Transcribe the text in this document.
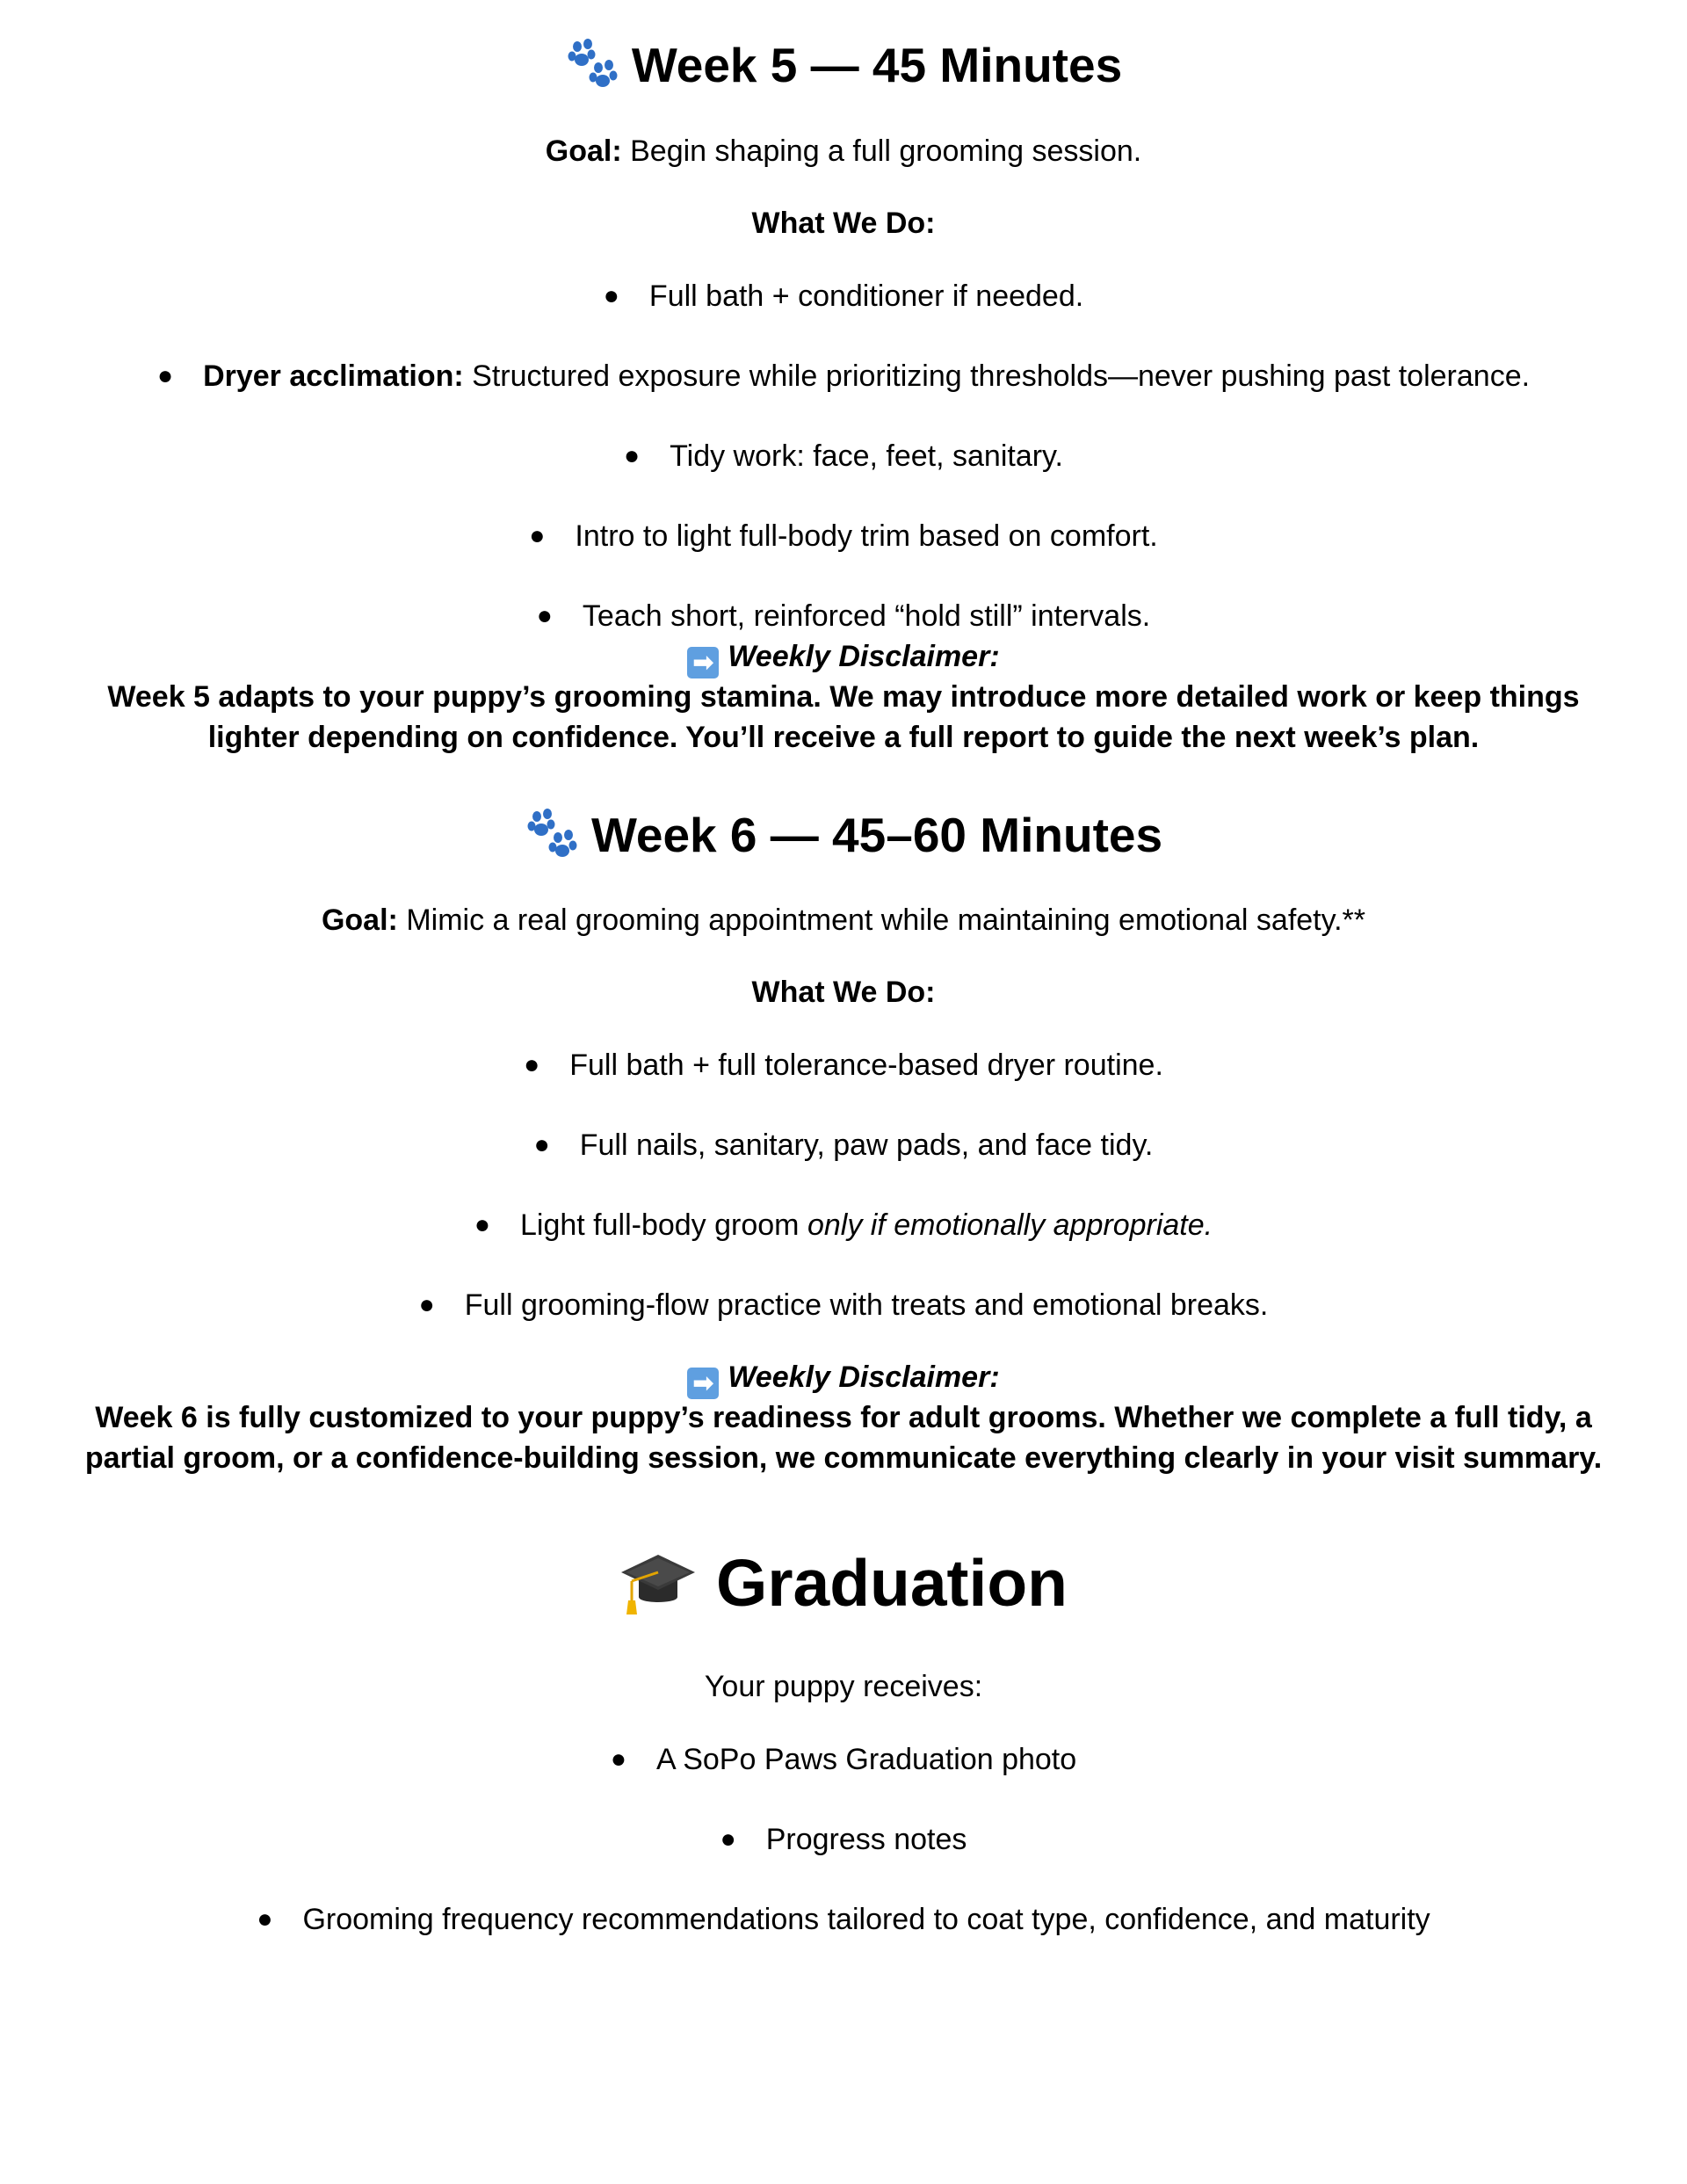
Week 5 — 45 Minutes
Goal: Begin shaping a full grooming session.
What We Do:
● Full bath + conditioner if needed.
● Dryer acclimation: Structured exposure while prioritizing thresholds—never pushing past tolerance.
● Tidy work: face, feet, sanitary.
● Intro to light full-body trim based on comfort.
● Teach short, reinforced “hold still” intervals.
➡ Weekly Disclaimer:
Week 5 adapts to your puppy’s grooming stamina. We may introduce more detailed work or keep things
lighter depending on confidence. You’ll receive a full report to guide the next week’s plan.
Week 6 — 45–60 Minutes
Goal: Mimic a real grooming appointment while maintaining emotional safety.**
What We Do:
● Full bath + full tolerance-based dryer routine.
● Full nails, sanitary, paw pads, and face tidy.
● Light full-body groom only if emotionally appropriate.
● Full grooming-flow practice with treats and emotional breaks.
➡ Weekly Disclaimer:
Week 6 is fully customized to your puppy’s readiness for adult grooms. Whether we complete a full tidy, a
partial groom, or a confidence-building session, we communicate everything clearly in your visit summary.
Graduation
Your puppy receives:
● A SoPo Paws Graduation photo
● Progress notes
● Grooming frequency recommendations tailored to coat type, confidence, and maturity
